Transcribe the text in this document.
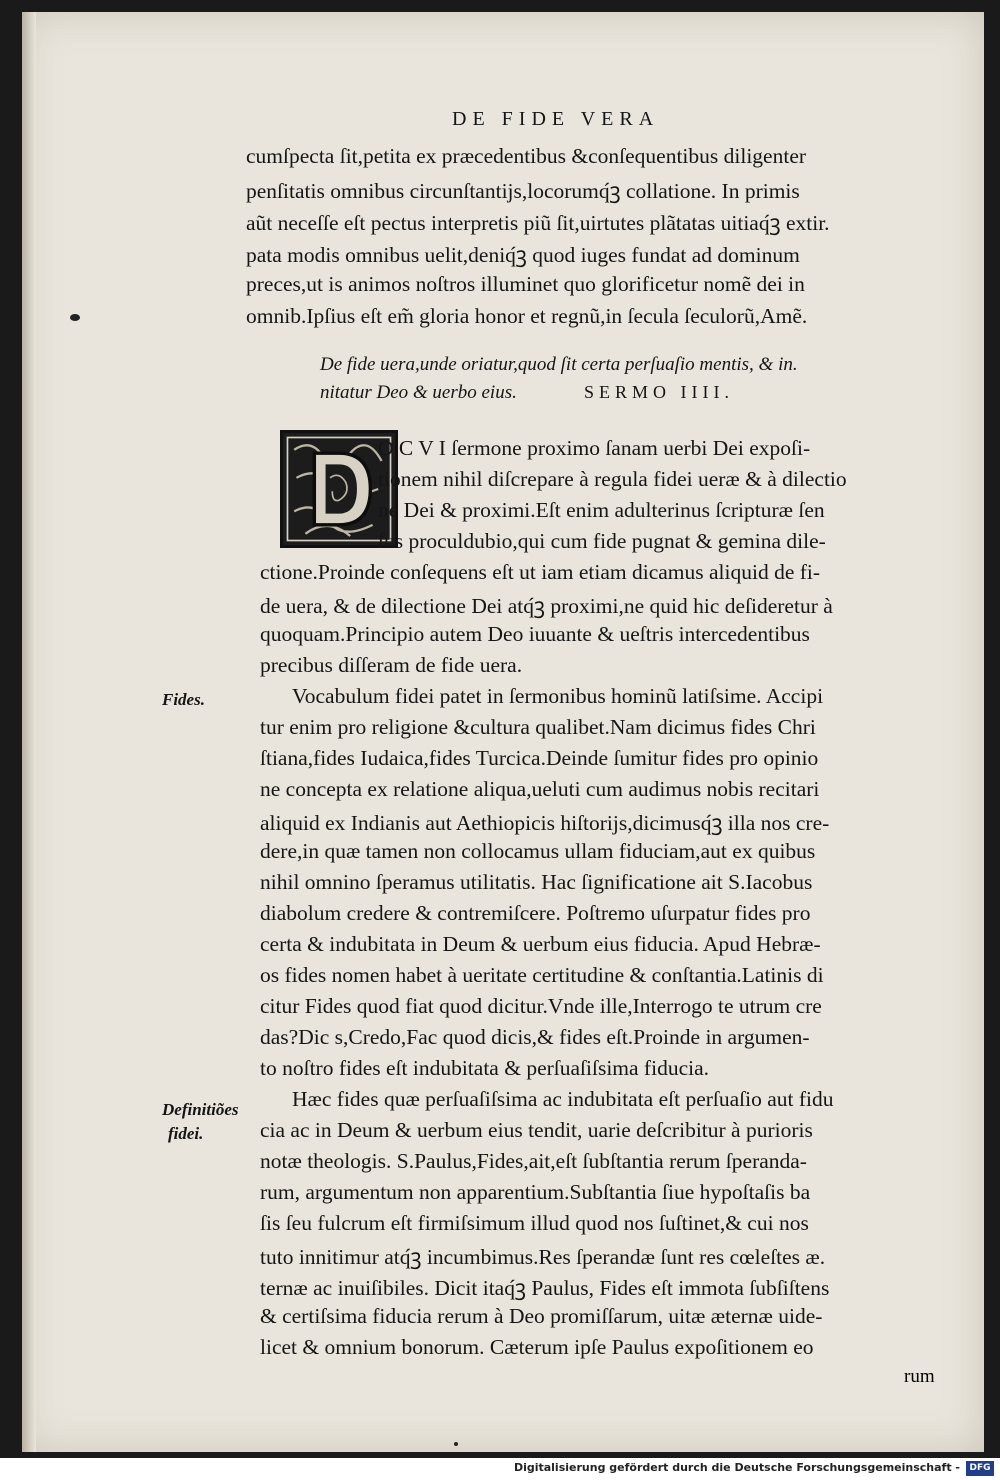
DE FIDE VERA
cumſpecta ſit,petita ex præcedentibus &conſequentibus diligenter
penſitatis omnibus circunſtantijs,locorumq́ꝫ collatione. In primis
aũt neceſſe eſt pectus interpretis piũ ſit,uirtutes plãtatas uitiaq́ꝫ extir.
pata modis omnibus uelit,deniq́ꝫ quod iuges fundat ad dominum
preces,ut is animos noſtros illuminet quo glorificetur nomẽ dei in
omnib.Ipſius eſt em̃ gloria honor et regnũ,in ſecula ſeculorũ,Amẽ.
De fide uera,unde oriatur,quod ſit certa perſuaſio mentis, & in.
nitatur Deo & uerbo eius.	SERMO IIII.
O C V I ſermone proximo ſanam uerbi Dei expoſi-
tionem nihil diſcrepare à regula fidei ueræ & à dilectio
ne Dei & proximi.Eſt enim adulterinus ſcripturæ ſen
ſus proculdubio,qui cum fide pugnat & gemina dile-
ctione.Proinde conſequens eſt ut iam etiam dicamus aliquid de fi-
de uera, & de dilectione Dei atq́ꝫ proximi,ne quid hic deſideretur à
quoquam.Principio autem Deo iuuante & ueſtris intercedentibus
precibus diſſeram de fide uera.
Fides.	Vocabulum fidei patet in ſermonibus hominũ latiſsime. Accipi
tur enim pro religione &cultura qualibet.Nam dicimus fides Chri
ſtiana,fides Iudaica,fides Turcica.Deinde ſumitur fides pro opinio
ne concepta ex relatione aliqua,ueluti cum audimus nobis recitari
aliquid ex Indianis aut Aethiopicis hiſtorijs,dicimusq́ꝫ illa nos cre-
dere,in quæ tamen non collocamus ullam fiduciam,aut ex quibus
nihil omnino ſperamus utilitatis. Hac ſignificatione ait S.Iacobus
diabolum credere & contremiſcere. Poſtremo uſurpatur fides pro
certa & indubitata in Deum & uerbum eius fiducia. Apud Hebræ-
os fides nomen habet à ueritate certitudine & conſtantia.Latinis di
citur Fides quod fiat quod dicitur.Vnde ille,Interrogo te utrum cre
das?Dic s,Credo,Fac quod dicis,& fides eſt.Proinde in argumen-
to noſtro fides eſt indubitata & perſuaſiſsima fiducia.
Definitiões
fidei.
Hæc fides quæ perſuaſiſsima ac indubitata eſt perſuaſio aut fidu
cia ac in Deum & uerbum eius tendit, uarie deſcribitur à purioris
notæ theologis. S.Paulus,Fides,ait,eſt ſubſtantia rerum ſperanda-
rum, argumentum non apparentium.Subſtantia ſiue hypoſtaſis ba
ſis ſeu fulcrum eſt firmiſsimum illud quod nos ſuſtinet,& cui nos
tuto innitimur atq́ꝫ incumbimus.Res ſperandæ ſunt res cœleſtes æ.
ternæ ac inuiſibiles. Dicit itaq́ꝫ Paulus, Fides eſt immota ſubſiſtens
& certiſsima fiducia rerum à Deo promiſſarum, uitæ æternæ uide-
licet & omnium bonorum. Cæterum ipſe Paulus expoſitionem eo
rum
Digitalisierung gefördert durch die Deutsche Forschungsgemeinschaft -	DFG
